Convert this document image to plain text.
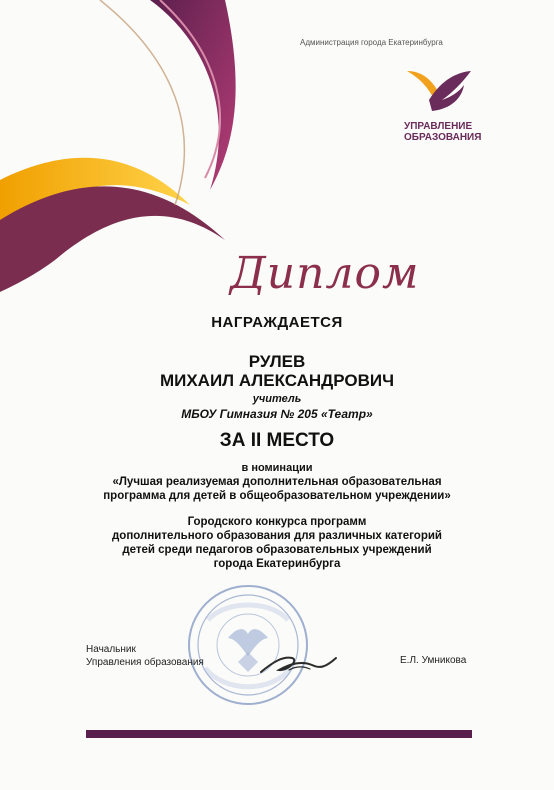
Администрация города Екатеринбурга
УПРАВЛЕНИЕ
ОБРАЗОВАНИЯ
Диплом
НАГРАЖДАЕТСЯ
РУЛЕВ
МИХАИЛ АЛЕКСАНДРОВИЧ
учитель
МБОУ Гимназия № 205 «Театр»
ЗА II МЕСТО
в номинации
«Лучшая реализуемая дополнительная образовательная
программа для детей в общеобразовательном учреждении»
Городского конкурса программ
дополнительного образования для различных категорий
детей среди педагогов образовательных учреждений
города Екатеринбурга
Начальник
Управления образования	Е.Л. Умникова
